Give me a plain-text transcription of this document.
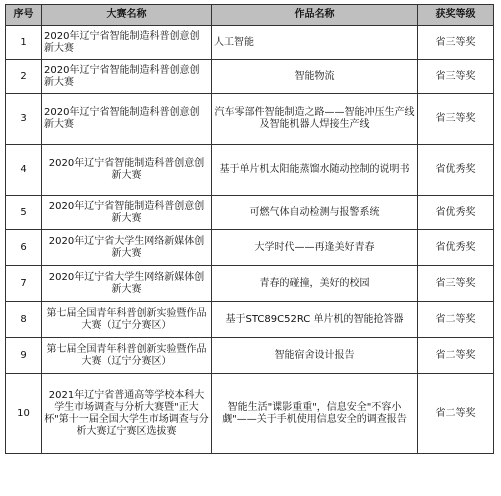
序号	大赛名称	作品名称	获奖等级
1	2020年辽宁省智能制造科普创意创新大赛	人工智能	省三等奖
2	2020年辽宁省智能制造科普创意创新大赛	智能物流	省三等奖
3	2020年辽宁省智能制造科普创意创新大赛	汽车零部件智能制造之路——智能冲压生产线及智能机器人焊接生产线	省三等奖
4	2020年辽宁省智能制造科普创意创新大赛	基于单片机太阳能蒸馏水随动控制的说明书	省优秀奖
5	2020年辽宁省智能制造科普创意创新大赛	可燃气体自动检测与报警系统	省优秀奖
6	2020年辽宁省大学生网络新媒体创新大赛	大学时代——再逢美好青春	省优秀奖
7	2020年辽宁省大学生网络新媒体创新大赛	青春的碰撞，美好的校园	省三等奖
8	第七届全国青年科普创新实验暨作品大赛（辽宁分赛区）	基于STC89C52RC 单片机的智能抢答器	省二等奖
9	第七届全国青年科普创新实验暨作品大赛（辽宁分赛区）	智能宿舍设计报告	省二等奖
10	2021年辽宁省普通高等学校本科大学生市场调查与分析大赛暨"正大杯"第十一届全国大学生市场调查与分析大赛辽宁赛区选拔赛	智能生活"谍影重重"，信息安全"不容小觑"——关于手机使用信息安全的调查报告	省二等奖
